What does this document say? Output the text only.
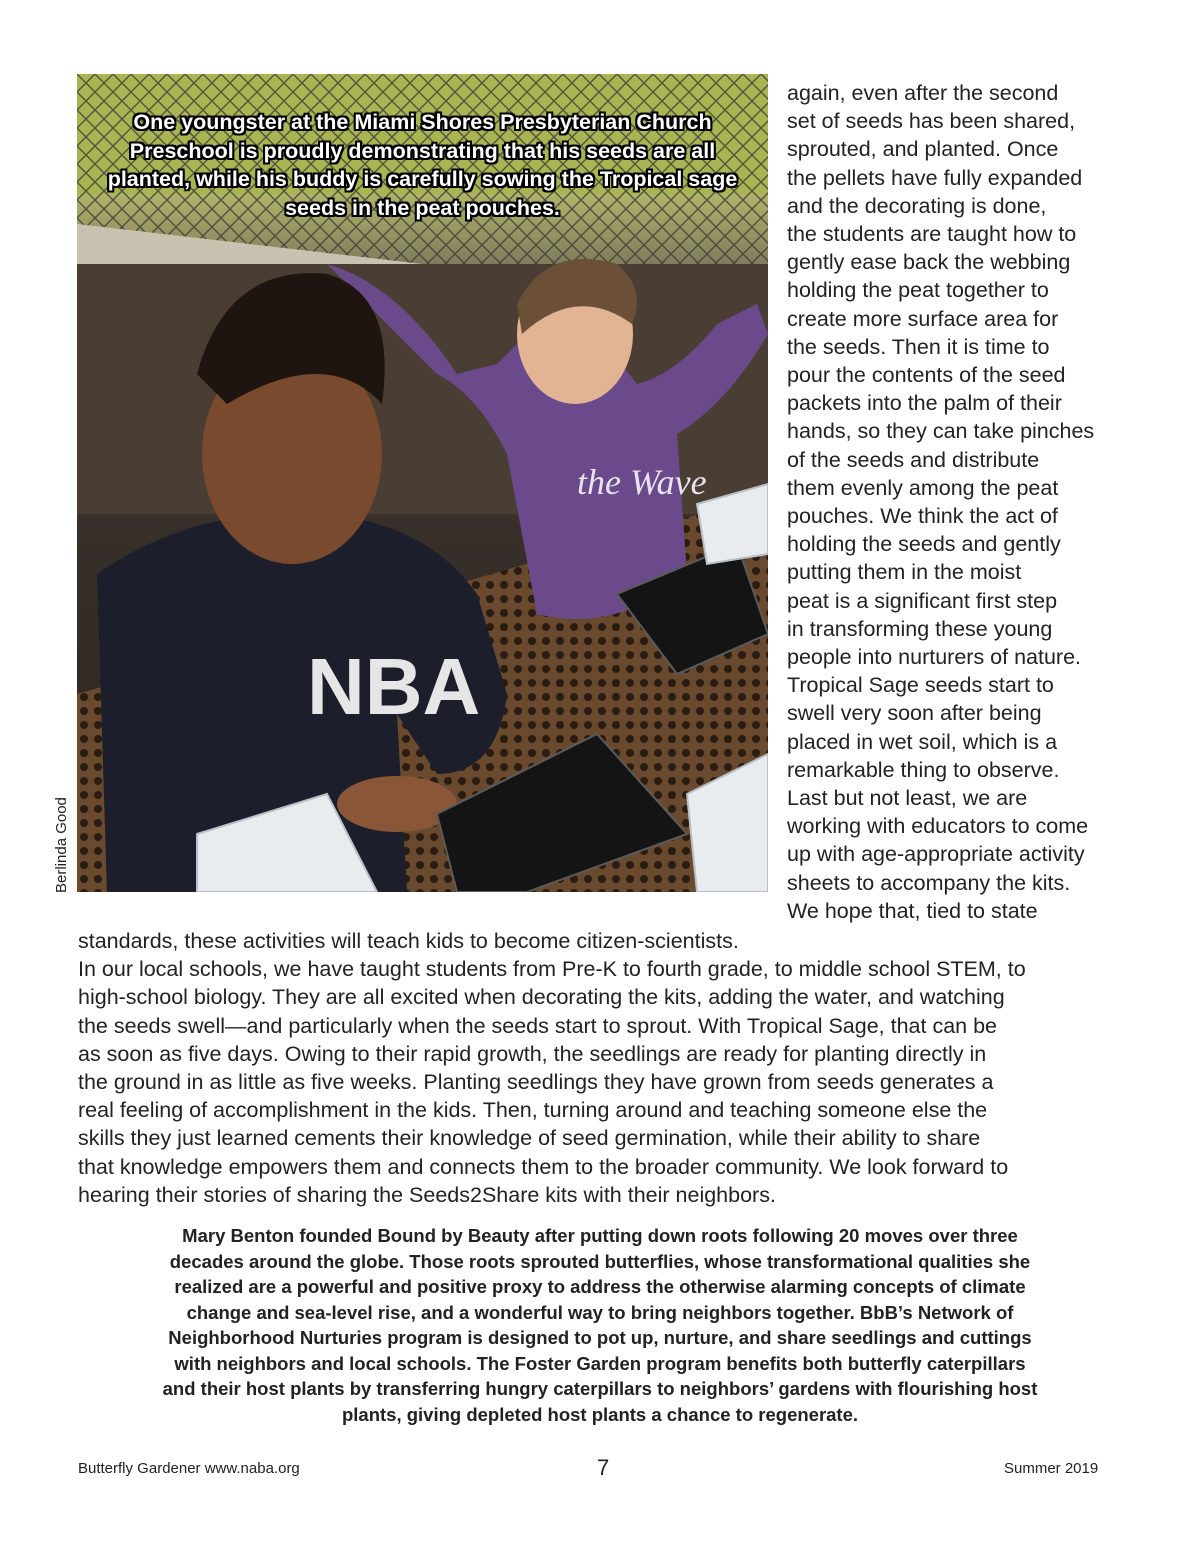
the Wave
NBA
One youngster at the Miami Shores Presbyterian Church
Preschool is proudly demonstrating that his seeds are all
planted, while his buddy is carefully sowing the Tropical sage
seeds in the peat pouches.
Berlinda Good
again, even after the second
set of seeds has been shared,
sprouted, and planted. Once
the pellets have fully expanded
and the decorating is done,
the students are taught how to
gently ease back the webbing
holding the peat together to
create more surface area for
the seeds. Then it is time to
pour the contents of the seed
packets into the palm of their
hands, so they can take pinches
of the seeds and distribute
them evenly among the peat
pouches. We think the act of
holding the seeds and gently
putting them in the moist
peat is a significant first step
in transforming these young
people into nurturers of nature.
Tropical Sage seeds start to
swell very soon after being
placed in wet soil, which is a
remarkable thing to observe.
Last but not least, we are
working with educators to come
up with age-appropriate activity
sheets to accompany the kits.
We hope that, tied to state
standards, these activities will teach kids to become citizen-scientists.
In our local schools, we have taught students from Pre-K to fourth grade, to middle school STEM, to
high-school biology. They are all excited when decorating the kits, adding the water, and watching
the seeds swell—and particularly when the seeds start to sprout. With Tropical Sage, that can be
as soon as five days. Owing to their rapid growth, the seedlings are ready for planting directly in
the ground in as little as five weeks. Planting seedlings they have grown from seeds generates a
real feeling of accomplishment in the kids. Then, turning around and teaching someone else the
skills they just learned cements their knowledge of seed germination, while their ability to share
that knowledge empowers them and connects them to the broader community. We look forward to
hearing their stories of sharing the Seeds2Share kits with their neighbors.
Mary Benton founded Bound by Beauty after putting down roots following 20 moves over three
decades around the globe. Those roots sprouted butterflies, whose transformational qualities she
realized are a powerful and positive proxy to address the otherwise alarming concepts of climate
change and sea-level rise, and a wonderful way to bring neighbors together. BbB’s Network of
Neighborhood Nurturies program is designed to pot up, nurture, and share seedlings and cuttings
with neighbors and local schools. The Foster Garden program benefits both butterfly caterpillars
and their host plants by transferring hungry caterpillars to neighbors’ gardens with flourishing host
plants, giving depleted host plants a chance to regenerate.
Butterfly Gardener www.naba.org	7	Summer 2019
